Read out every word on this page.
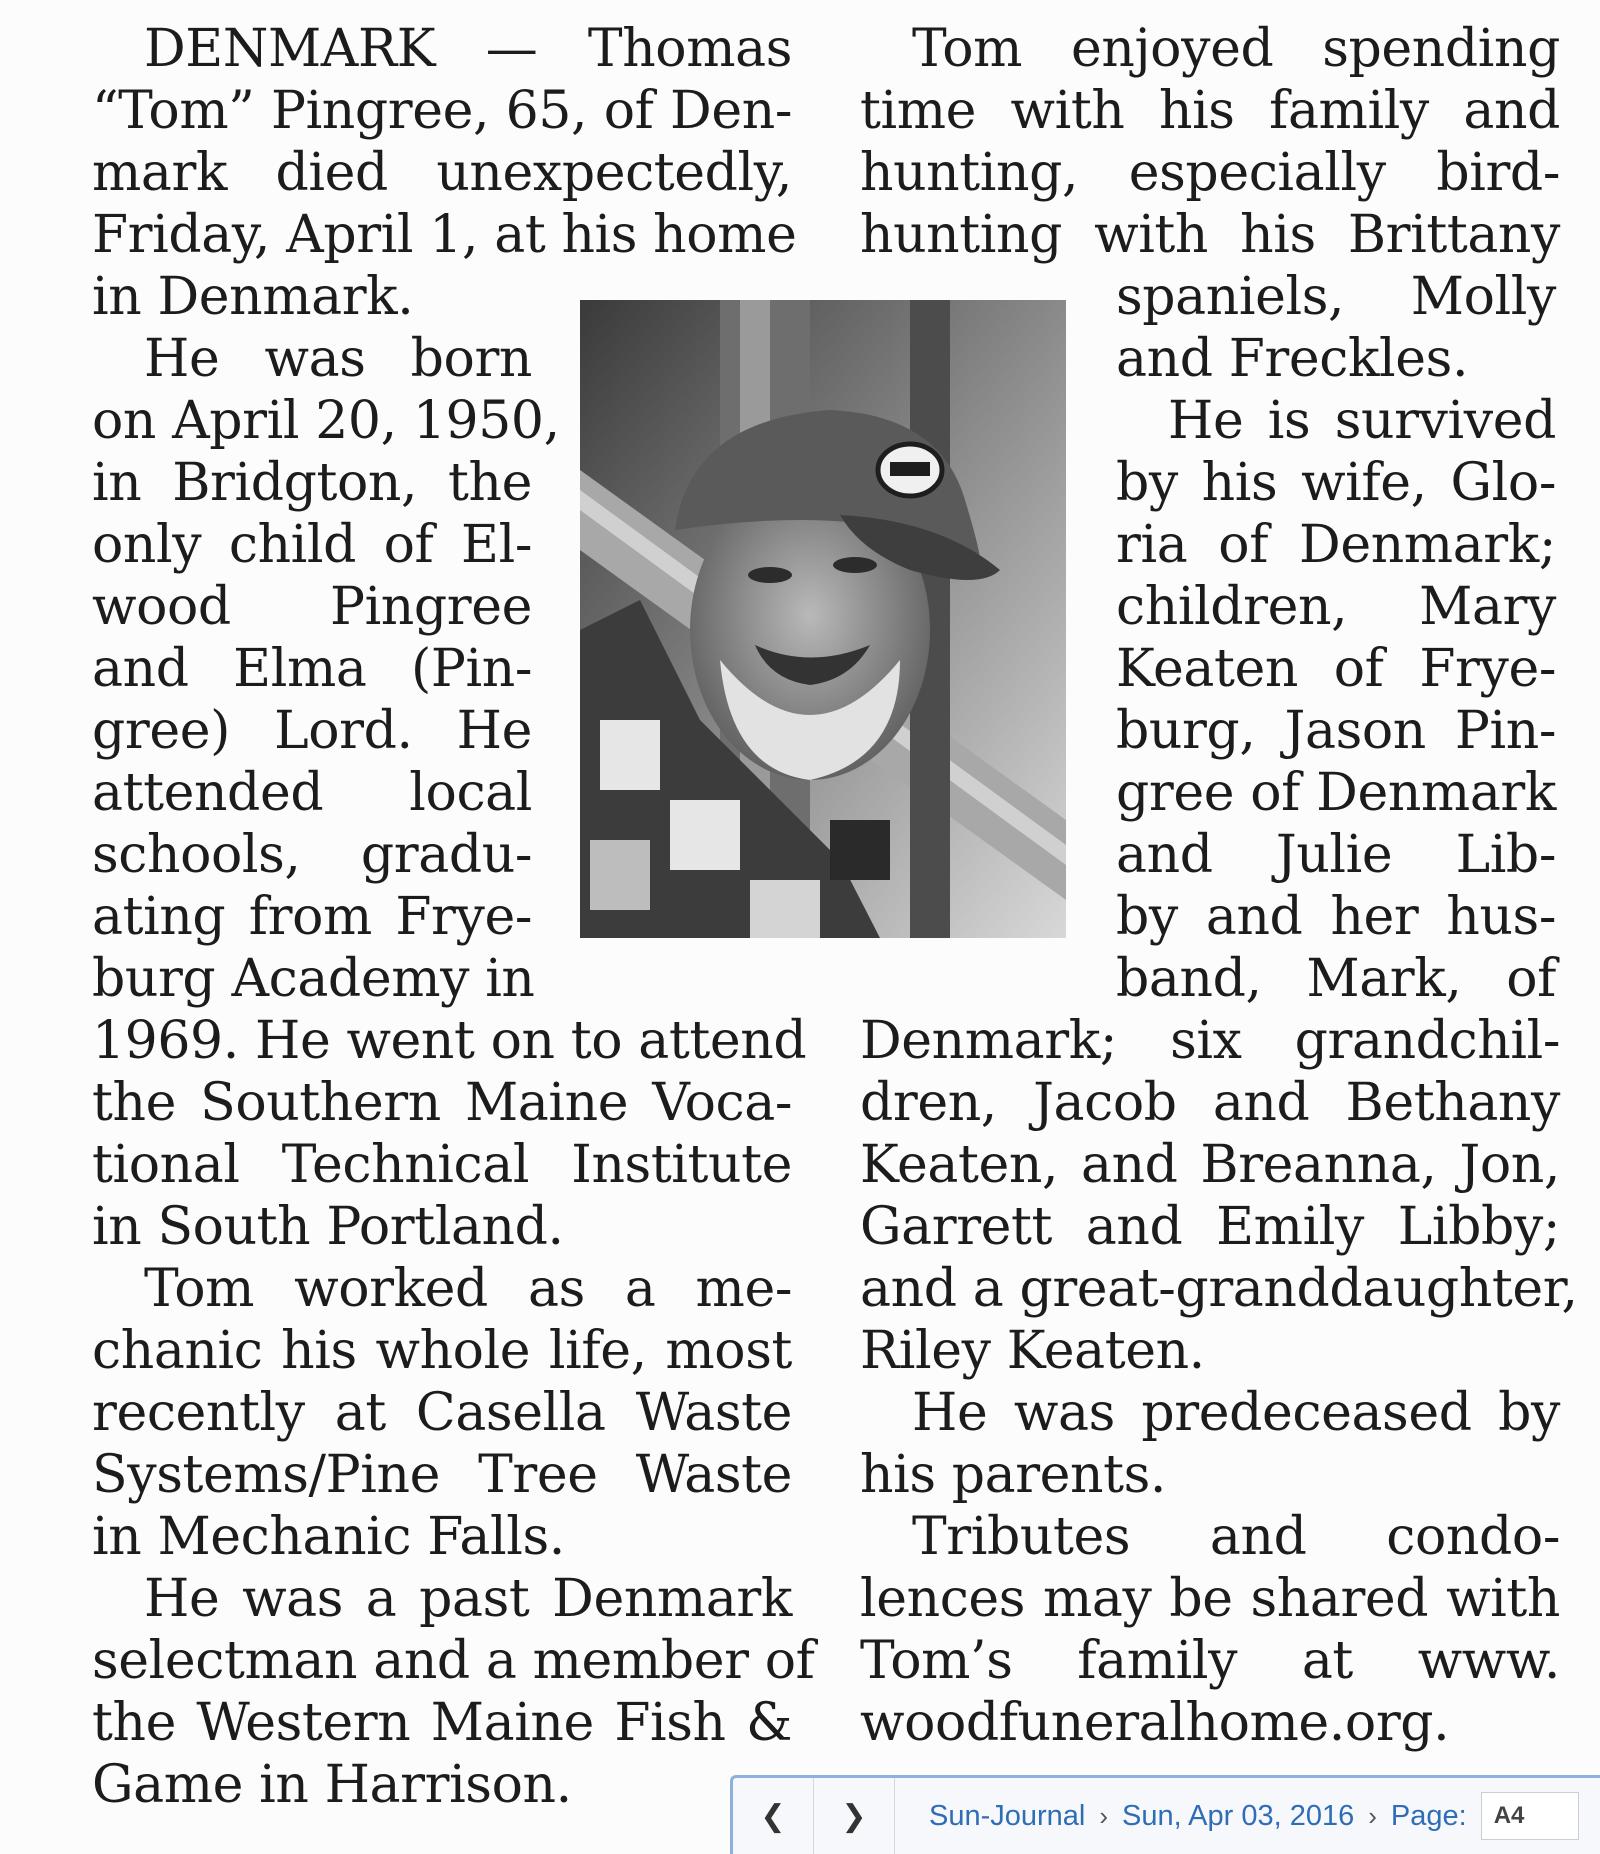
DENMARK — Thomas
“Tom” Pingree, 65, of Den-
mark died unexpectedly,
Friday, April 1, at his home
in Denmark.
He was born
on April 20, 1950,
in Bridgton, the
only child of El-
wood Pingree
and Elma (Pin-
gree) Lord. He
attended local
schools, gradu-
ating from Frye-
burg Academy in
1969. He went on to attend
the Southern Maine Voca-
tional Technical Institute
in South Portland.
Tom worked as a me-
chanic his whole life, most
recently at Casella Waste
Systems/Pine Tree Waste
in Mechanic Falls.
He was a past Denmark
selectman and a member of
the Western Maine Fish &
Game in Harrison.
Tom enjoyed spending
time with his family and
hunting, especially bird-
hunting with his Brittany
spaniels, Molly
and Freckles.
He is survived
by his wife, Glo-
ria of Denmark;
children, Mary
Keaten of Frye-
burg, Jason Pin-
gree of Denmark
and Julie Lib-
by and her hus-
band, Mark, of
Denmark; six grandchil-
dren, Jacob and Bethany
Keaten, and Breanna, Jon,
Garrett and Emily Libby;
and a great-granddaughter,
Riley Keaten.
He was predeceased by
his parents.
Tributes and condo-
lences may be shared with
Tom’s family at www.
woodfuneralhome.org.
❮ ❯ Sun-Journal › Sun, Apr 03, 2016 › Page:
A4
